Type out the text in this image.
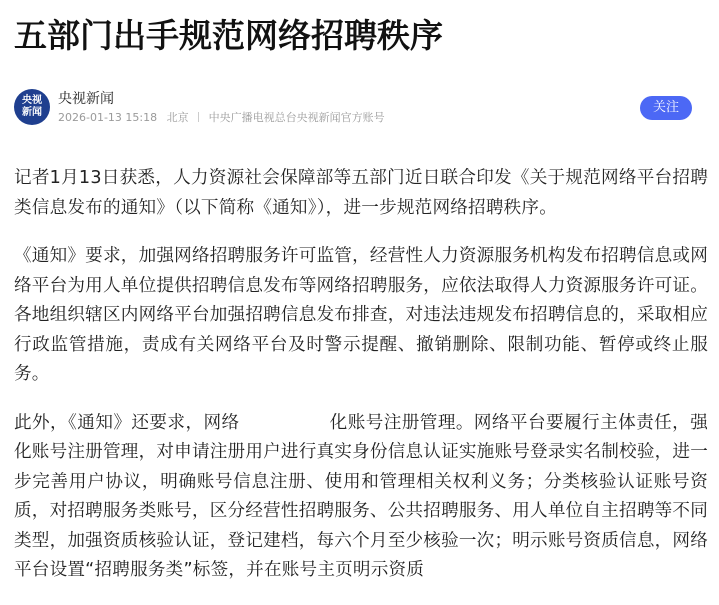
五部门出手规范网络招聘秩序
央视新闻
央视新闻
2026-01-13 15:18 北京 中央广播电视总台央视新闻官方账号
关注

记者1月13日获悉，人力资源社会保障部等五部门近日联合印发《关于规范网络平台招聘类信息发布的通知》（以下简称《通知》），进一步规范网络招聘秩序。

《通知》要求，加强网络招聘服务许可监管，经营性人力资源服务机构发布招聘信息或网络平台为用人单位提供招聘信息发布等网络招聘服务，应依法取得人力资源服务许可证。各地组织辖区内网络平台加强招聘信息发布排查，对违法违规发布招聘信息的，采取相应行政监管措施，责成有关网络平台及时警示提醒、撤销删除、限制功能、暂停或终止服务。

此外，《通知》还要求，网络　　　　　化账号注册管理。网络平台要履行主体责任，强化账号注册管理，对申请注册用户进行真实身份信息认证实施账号登录实名制校验，进一步完善用户协议，明确账号信息注册、使用和管理相关权利义务；分类核验认证账号资质，对招聘服务类账号，区分经营性招聘服务、公共招聘服务、用人单位自主招聘等不同类型，加强资质核验认证，登记建档，每六个月至少核验一次；明示账号资质信息，网络平台设置“招聘服务类”标签，并在账号主页明示资质
